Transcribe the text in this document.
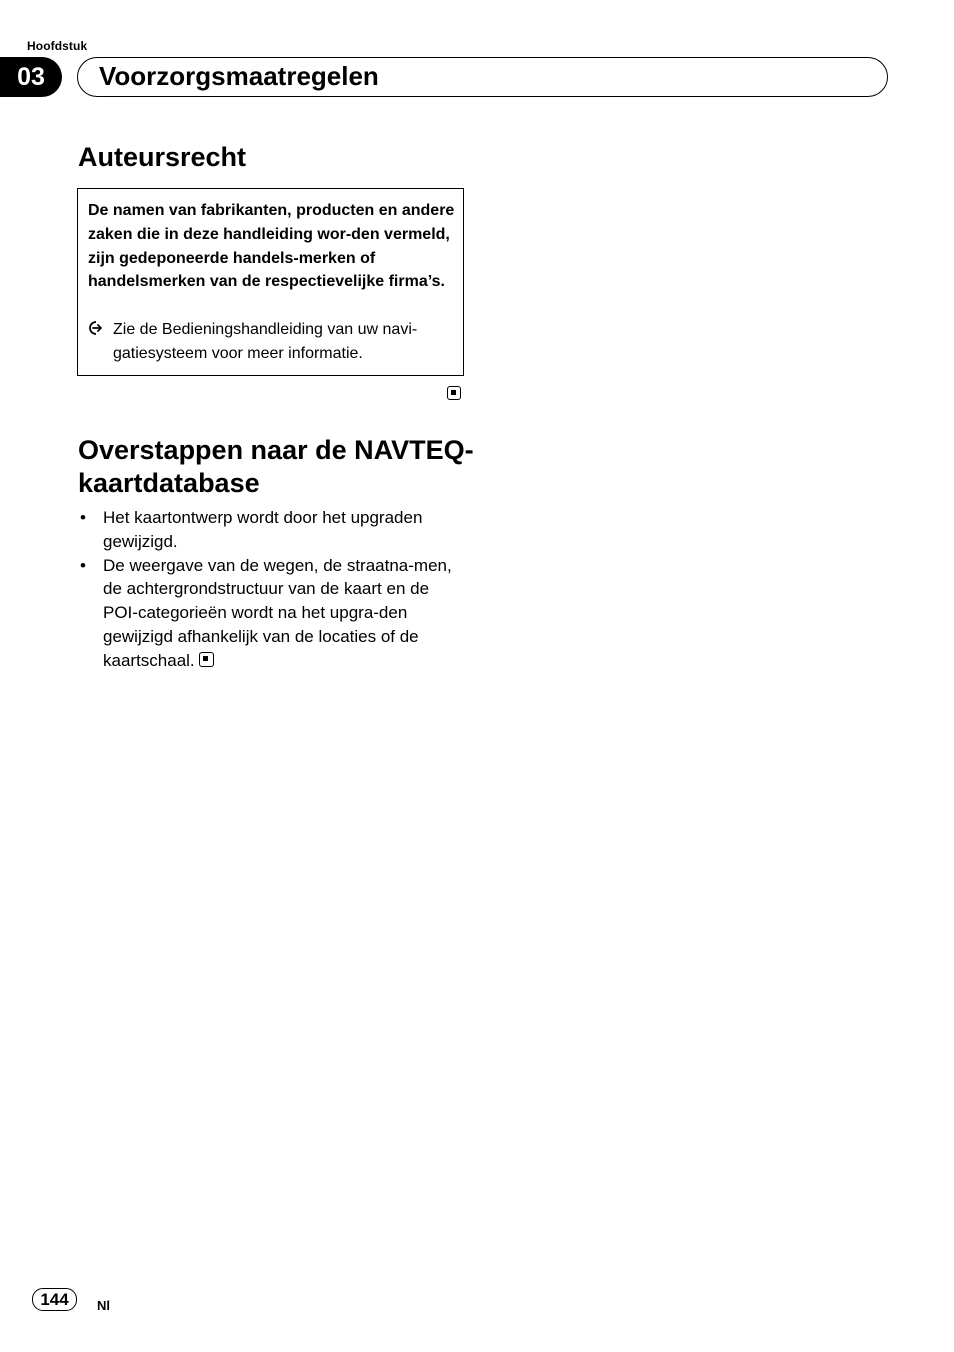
Hoofdstuk
03	Voorzorgsmaatregelen
Auteursrecht
De namen van fabrikanten, producten en andere zaken die in deze handleiding wor-den vermeld, zijn gedeponeerde handels-merken of handelsmerken van de respectievelijke firma’s.
Zie de Bedieningshandleiding van uw navi-gatiesysteem voor meer informatie.
Overstappen naar de NAVTEQ-kaartdatabase
• Het kaartontwerp wordt door het upgraden gewijzigd.
• De weergave van de wegen, de straatna-men, de achtergrondstructuur van de kaart en de POI-categorieën wordt na het upgra-den gewijzigd afhankelijk van de locaties of de kaartschaal.
144	Nl
